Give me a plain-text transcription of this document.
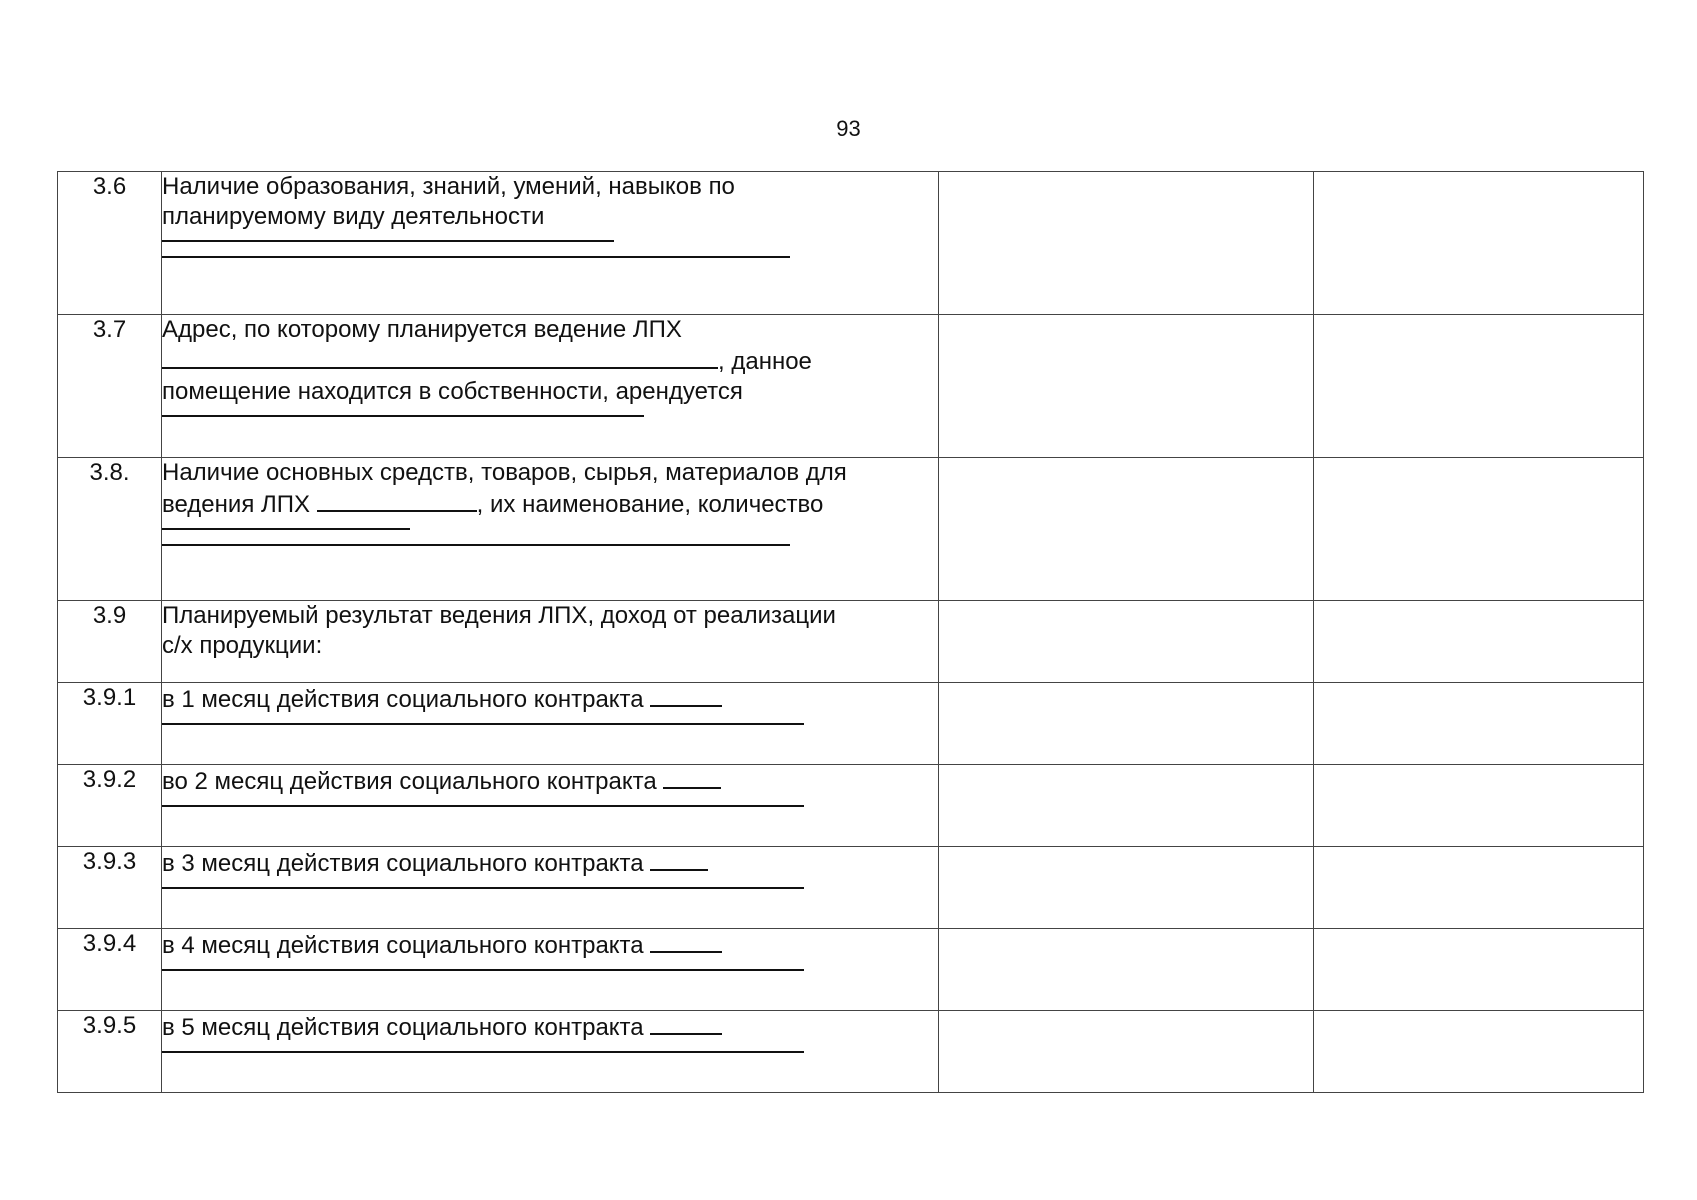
93
3.6	Наличие образования, знаний, умений, навыков по
планируемому виду деятельности		

3.7	Адрес, по которому планируется ведение ЛПХ
, данное
помещение находится в собственности, арендуется		

3.8.	Наличие основных средств, товаров, сырья, материалов для
ведения ЛПХ , их наименование, количество		

3.9	Планируемый результат ведения ЛПХ, доход от реализации
с/х продукции:		

3.9.1	в 1 месяц действия социального контракта		

3.9.2	во 2 месяц действия социального контракта		

3.9.3	в 3 месяц действия социального контракта		

3.9.4	в 4 месяц действия социального контракта		

3.9.5	в 5 месяц действия социального контракта		
